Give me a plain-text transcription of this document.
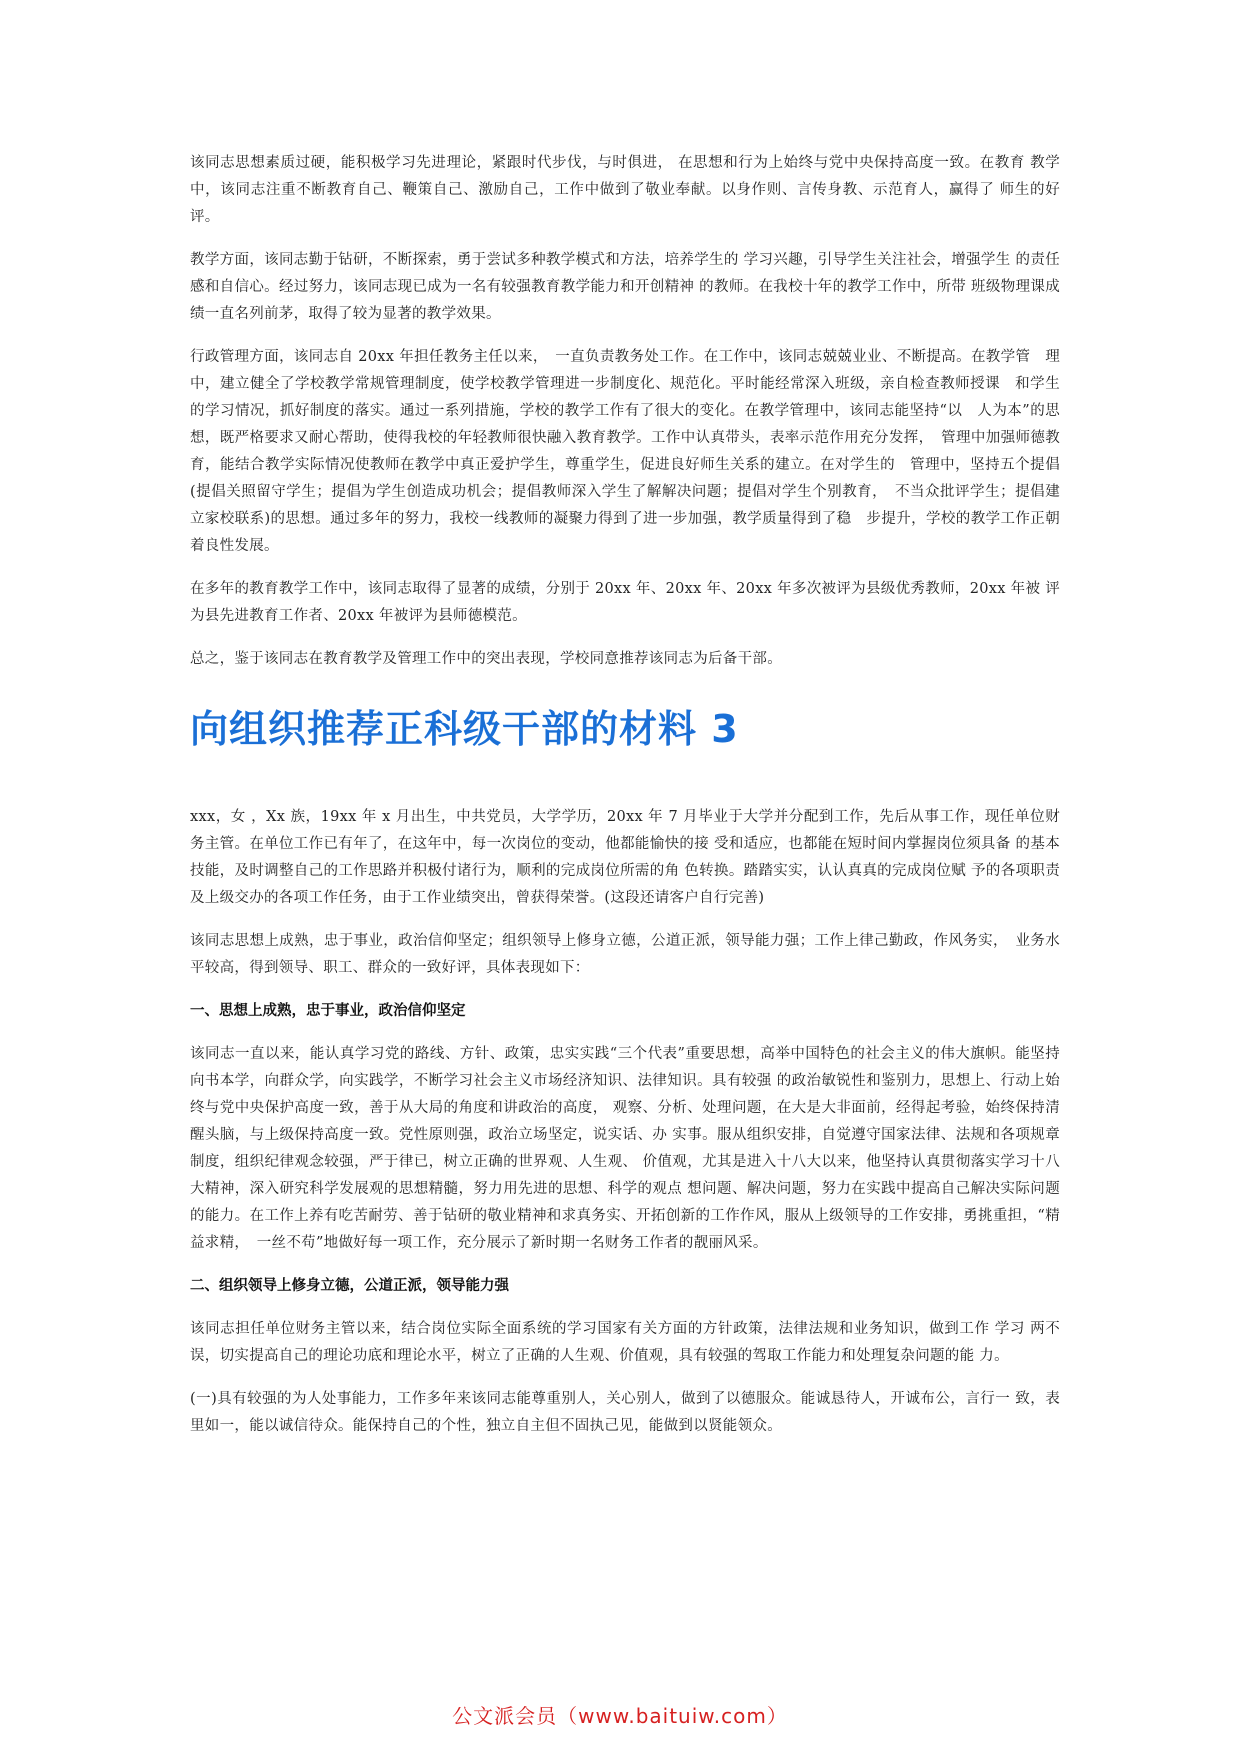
该同志思想素质过硬，能积极学习先进理论，紧跟时代步伐，与时俱进， 在思想和行为上始终与党中央保持高度一致。在教育 教学中，该同志注重不断教育自己、鞭策自己、激励自己，工作中做到了敬业奉献。以身作则、言传身教、示范育人，赢得了 师生的好评。

教学方面，该同志勤于钻研，不断探索，勇于尝试多种教学模式和方法，培养学生的 学习兴趣，引导学生关注社会，增强学生 的责任感和自信心。经过努力，该同志现已成为一名有较强教育教学能力和开创精神 的教师。在我校十年的教学工作中，所带 班级物理课成绩一直名列前茅，取得了较为显著的教学效果。

行政管理方面，该同志自 20xx 年担任教务主任以来，　一直负责教务处工作。在工作中，该同志兢兢业业、不断提高。在教学管　理中，建立健全了学校教学常规管理制度，使学校教学管理进一步制度化、规范化。平时能经常深入班级，亲自检查教师授课　和学生的学习情况，抓好制度的落实。通过一系列措施，学校的教学工作有了很大的变化。在教学管理中，该同志能坚持“以　人为本”的思想，既严格要求又耐心帮助，使得我校的年轻教师很快融入教育教学。工作中认真带头，表率示范作用充分发挥，　管理中加强师德教育，能结合教学实际情况使教师在教学中真正爱护学生，尊重学生，促进良好师生关系的建立。在对学生的　管理中，坚持五个提倡(提倡关照留守学生；提倡为学生创造成功机会；提倡教师深入学生了解解决问题；提倡对学生个别教育，　不当众批评学生；提倡建立家校联系)的思想。通过多年的努力，我校一线教师的凝聚力得到了进一步加强，教学质量得到了稳　步提升，学校的教学工作正朝着良性发展。

在多年的教育教学工作中，该同志取得了显著的成绩，分别于 20xx 年、20xx 年、20xx 年多次被评为县级优秀教师，20xx 年被 评为县先进教育工作者、20xx 年被评为县师德模范。

总之，鉴于该同志在教育教学及管理工作中的突出表现，学校同意推荐该同志为后备干部。

向组织推荐正科级干部的材料 3

xxx，女 ，Xx 族，19xx 年 x 月出生，中共党员，大学学历，20xx 年 7 月毕业于大学并分配到工作，先后从事工作，现任单位财 务主管。在单位工作已有年了，在这年中，每一次岗位的变动，他都能愉快的接 受和适应，也都能在短时间内掌握岗位须具备 的基本技能，及时调整自己的工作思路并积极付诸行为，顺利的完成岗位所需的角 色转换。踏踏实实，认认真真的完成岗位赋 予的各项职责及上级交办的各项工作任务，由于工作业绩突出，曾获得荣誉。(这段还请客户自行完善)

该同志思想上成熟，忠于事业，政治信仰坚定；组织领导上修身立德，公道正派，领导能力强；工作上律己勤政，作风务实，　业务水平较高，得到领导、职工、群众的一致好评，具体表现如下：

一、思想上成熟，忠于事业，政治信仰坚定

该同志一直以来，能认真学习党的路线、方针、政策，忠实实践“三个代表”重要思想，高举中国特色的社会主义的伟大旗帜。能坚持向书本学，向群众学，向实践学，不断学习社会主义市场经济知识、法律知识。具有较强 的政治敏锐性和鉴别力，思想上、行动上始终与党中央保护高度一致，善于从大局的角度和讲政治的高度， 观察、分析、处理问题，在大是大非面前，经得起考验，始终保持清醒头脑，与上级保持高度一致。党性原则强，政治立场坚定，说实话、办 实事。服从组织安排，自觉遵守国家法律、法规和各项规章制度，组织纪律观念较强，严于律已，树立正确的世界观、人生观、 价值观，尤其是进入十八大以来，他坚持认真贯彻落实学习十八大精神，深入研究科学发展观的思想精髓，努力用先进的思想、科学的观点 想问题、解决问题，努力在实践中提高自己解决实际问题的能力。在工作上养有吃苦耐劳、善于钻研的敬业精神和求真务实、开拓创新的工作作风，服从上级领导的工作安排，勇挑重担，“精益求精，　一丝不苟”地做好每一项工作，充分展示了新时期一名财务工作者的靓丽风采。

二、组织领导上修身立德，公道正派，领导能力强

该同志担任单位财务主管以来，结合岗位实际全面系统的学习国家有关方面的方针政策，法律法规和业务知识，做到工作 学习 两不误，切实提高自己的理论功底和理论水平，树立了正确的人生观、价值观，具有较强的驾取工作能力和处理复杂问题的能 力。

(一)具有较强的为人处事能力，工作多年来该同志能尊重别人，关心别人，做到了以德服众。能诚恳待人，开诚布公，言行一 致，表里如一，能以诚信待众。能保持自己的个性，独立自主但不固执己见，能做到以贤能领众。

公文派会员（www.baituiw.com）
